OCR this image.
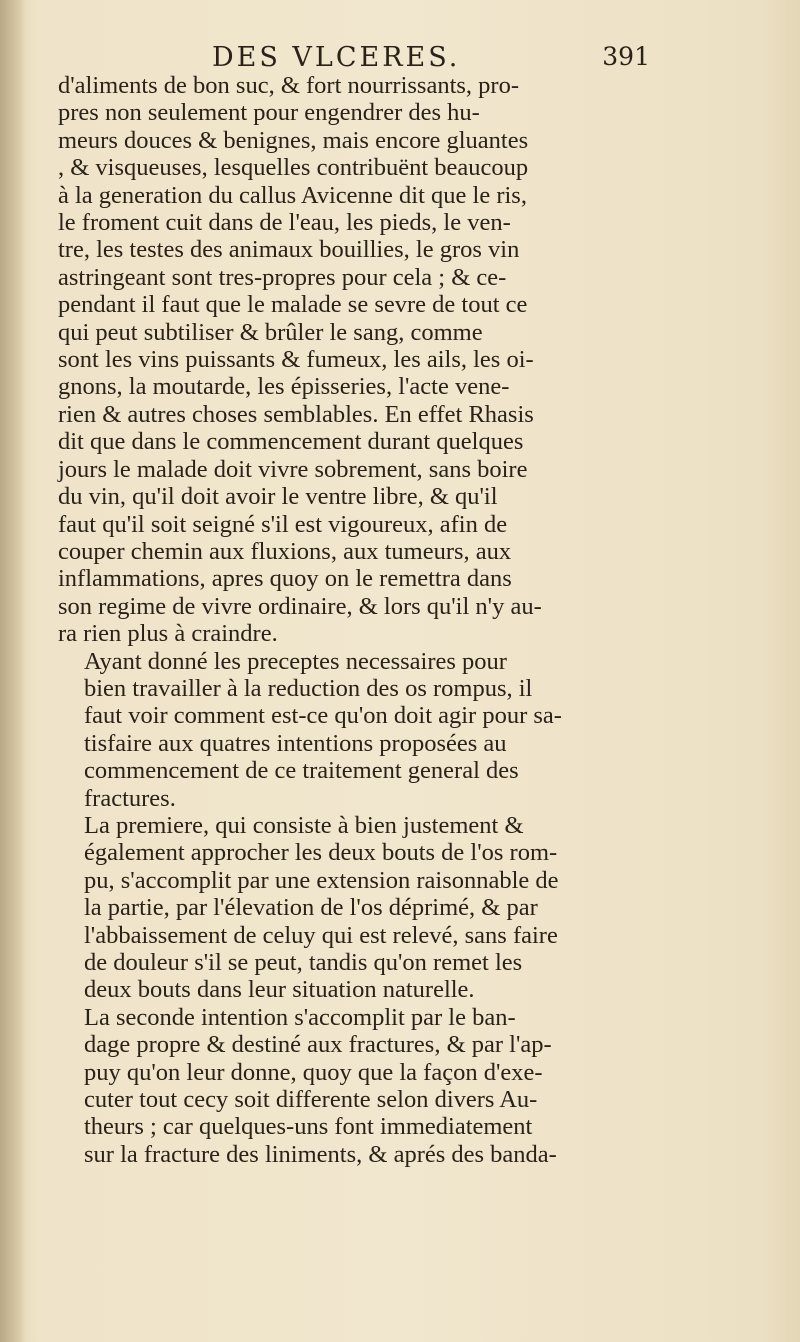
DES VLCERES.	391
d'aliments de bon suc, & fort nourrissants, pro-
pres non seulement pour engendrer des hu-
meurs douces & benignes, mais encore gluantes
, & visqueuses, lesquelles contribuënt beaucoup
à la generation du callus Avicenne dit que le ris,
le froment cuit dans de l'eau, les pieds, le ven-
tre, les testes des animaux bouillies, le gros vin
astringeant sont tres-propres pour cela ; & ce-
pendant il faut que le malade se sevre de tout ce
qui peut subtiliser & brûler le sang, comme
sont les vins puissants & fumeux, les ails, les oi-
gnons, la moutarde, les épisseries, l'acte vene-
rien & autres choses semblables. En effet Rhasis
dit que dans le commencement durant quelques
jours le malade doit vivre sobrement, sans boire
du vin, qu'il doit avoir le ventre libre, & qu'il
faut qu'il soit seigné s'il est vigoureux, afin de
couper chemin aux fluxions, aux tumeurs, aux
inflammations, apres quoy on le remettra dans
son regime de vivre ordinaire, & lors qu'il n'y au-
ra rien plus à craindre.
Ayant donné les preceptes necessaires pour
bien travailler à la reduction des os rompus, il
faut voir comment est-ce qu'on doit agir pour sa-
tisfaire aux quatres intentions proposées au
commencement de ce traitement general des
fractures.
La premiere, qui consiste à bien justement &
également approcher les deux bouts de l'os rom-
pu, s'accomplit par une extension raisonnable de
la partie, par l'élevation de l'os déprimé, & par
l'abbaissement de celuy qui est relevé, sans faire
de douleur s'il se peut, tandis qu'on remet les
deux bouts dans leur situation naturelle.
La seconde intention s'accomplit par le ban-
dage propre & destiné aux fractures, & par l'ap-
puy qu'on leur donne, quoy que la façon d'exe-
cuter tout cecy soit differente selon divers Au-
theurs ; car quelques-uns font immediatement
sur la fracture des liniments, & aprés des banda-
